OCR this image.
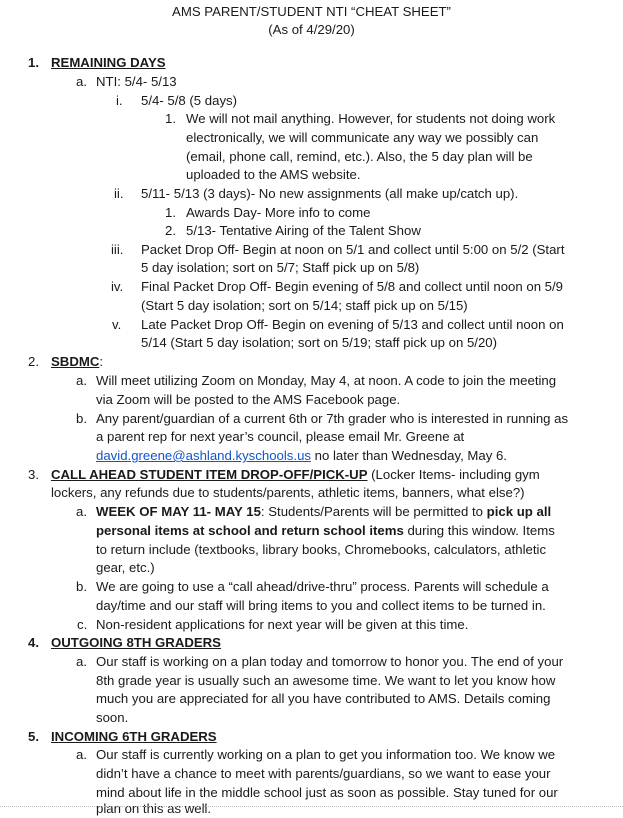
AMS PARENT/STUDENT NTI “CHEAT SHEET”
(As of 4/29/20)
1. REMAINING DAYS
a. NTI: 5/4- 5/13
i. 5/4- 5/8 (5 days)
1. We will not mail anything. However, for students not doing work
electronically, we will communicate any way we possibly can
(email, phone call, remind, etc.). Also, the 5 day plan will be
uploaded to the AMS website.
ii. 5/11- 5/13 (3 days)- No new assignments (all make up/catch up).
1. Awards Day- More info to come
2. 5/13- Tentative Airing of the Talent Show
iii. Packet Drop Off- Begin at noon on 5/1 and collect until 5:00 on 5/2 (Start
5 day isolation; sort on 5/7; Staff pick up on 5/8)
iv. Final Packet Drop Off- Begin evening of 5/8 and collect until noon on 5/9
(Start 5 day isolation; sort on 5/14; staff pick up on 5/15)
v. Late Packet Drop Off- Begin on evening of 5/13 and collect until noon on
5/14 (Start 5 day isolation; sort on 5/19; staff pick up on 5/20)
2. SBDMC:
a. Will meet utilizing Zoom on Monday, May 4, at noon. A code to join the meeting
via Zoom will be posted to the AMS Facebook page.
b. Any parent/guardian of a current 6th or 7th grader who is interested in running as
a parent rep for next year’s council, please email Mr. Greene at
david.greene@ashland.kyschools.us no later than Wednesday, May 6.
3. CALL AHEAD STUDENT ITEM DROP-OFF/PICK-UP (Locker Items- including gym
lockers, any refunds due to students/parents, athletic items, banners, what else?)
a. WEEK OF MAY 11- MAY 15: Students/Parents will be permitted to pick up all
personal items at school and return school items during this window. Items
to return include (textbooks, library books, Chromebooks, calculators, athletic
gear, etc.)
b. We are going to use a “call ahead/drive-thru” process. Parents will schedule a
day/time and our staff will bring items to you and collect items to be turned in.
c. Non-resident applications for next year will be given at this time.
4. OUTGOING 8TH GRADERS
a. Our staff is working on a plan today and tomorrow to honor you. The end of your
8th grade year is usually such an awesome time. We want to let you know how
much you are appreciated for all you have contributed to AMS. Details coming
soon.
5. INCOMING 6TH GRADERS
a. Our staff is currently working on a plan to get you information too. We know we
didn’t have a chance to meet with parents/guardians, so we want to ease your
mind about life in the middle school just as soon as possible. Stay tuned for our
plan on this as well.
